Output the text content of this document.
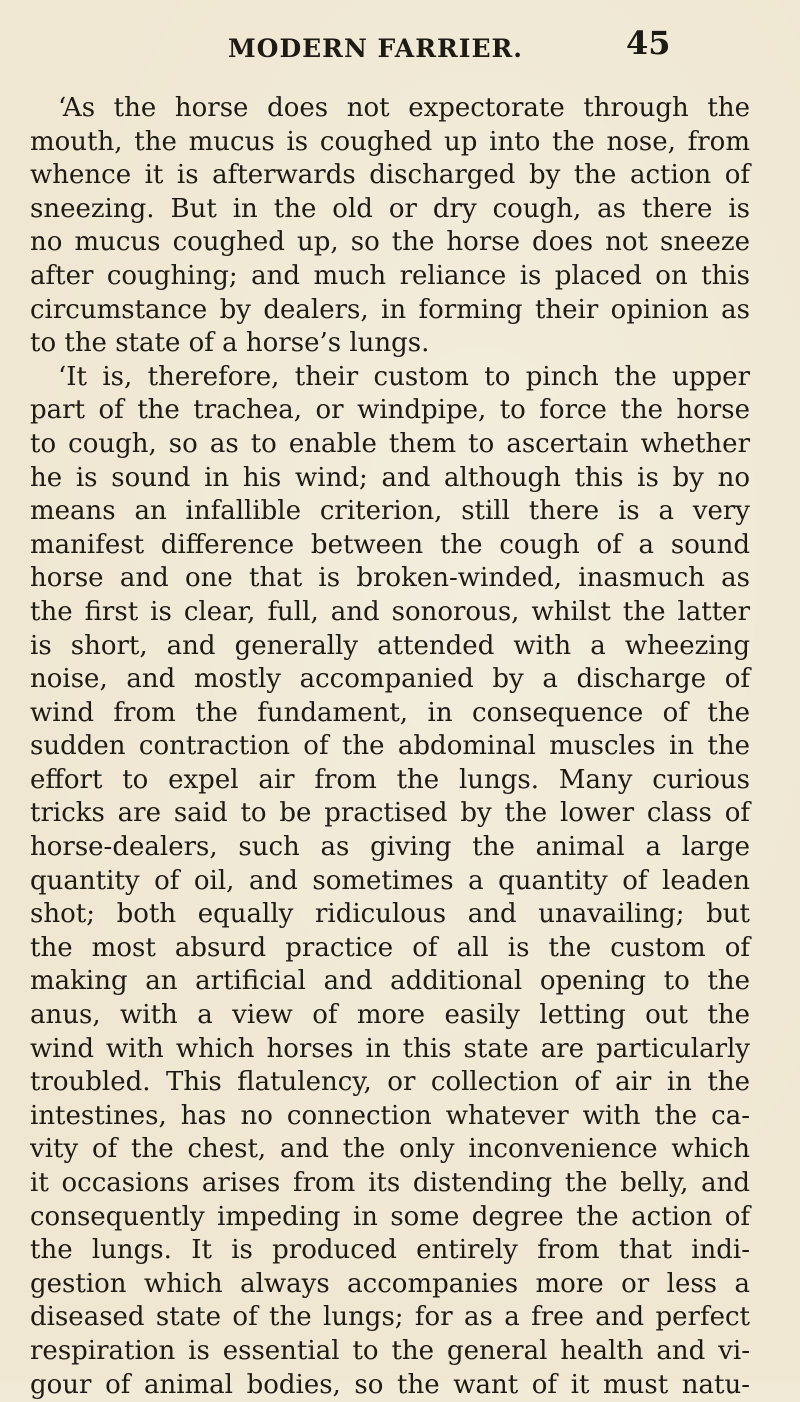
MODERN FARRIER.	45
‘As the horse does not expectorate through the
mouth, the mucus is coughed up into the nose, from
whence it is afterwards discharged by the action of
sneezing. But in the old or dry cough, as there is
no mucus coughed up, so the horse does not sneeze
after coughing; and much reliance is placed on this
circumstance by dealers, in forming their opinion as
to the state of a horse’s lungs.
‘It is, therefore, their custom to pinch the upper
part of the trachea, or windpipe, to force the horse
to cough, so as to enable them to ascertain whether
he is sound in his wind; and although this is by no
means an infallible criterion, still there is a very
manifest difference between the cough of a sound
horse and one that is broken-winded, inasmuch as
the first is clear, full, and sonorous, whilst the latter
is short, and generally attended with a wheezing
noise, and mostly accompanied by a discharge of
wind from the fundament, in consequence of the
sudden contraction of the abdominal muscles in the
effort to expel air from the lungs. Many curious
tricks are said to be practised by the lower class of
horse-dealers, such as giving the animal a large
quantity of oil, and sometimes a quantity of leaden
shot; both equally ridiculous and unavailing; but
the most absurd practice of all is the custom of
making an artificial and additional opening to the
anus, with a view of more easily letting out the
wind with which horses in this state are particularly
troubled. This flatulency, or collection of air in the
intestines, has no connection whatever with the ca-
vity of the chest, and the only inconvenience which
it occasions arises from its distending the belly, and
consequently impeding in some degree the action of
the lungs. It is produced entirely from that indi-
gestion which always accompanies more or less a
diseased state of the lungs; for as a free and perfect
respiration is essential to the general health and vi-
gour of animal bodies, so the want of it must natu-
